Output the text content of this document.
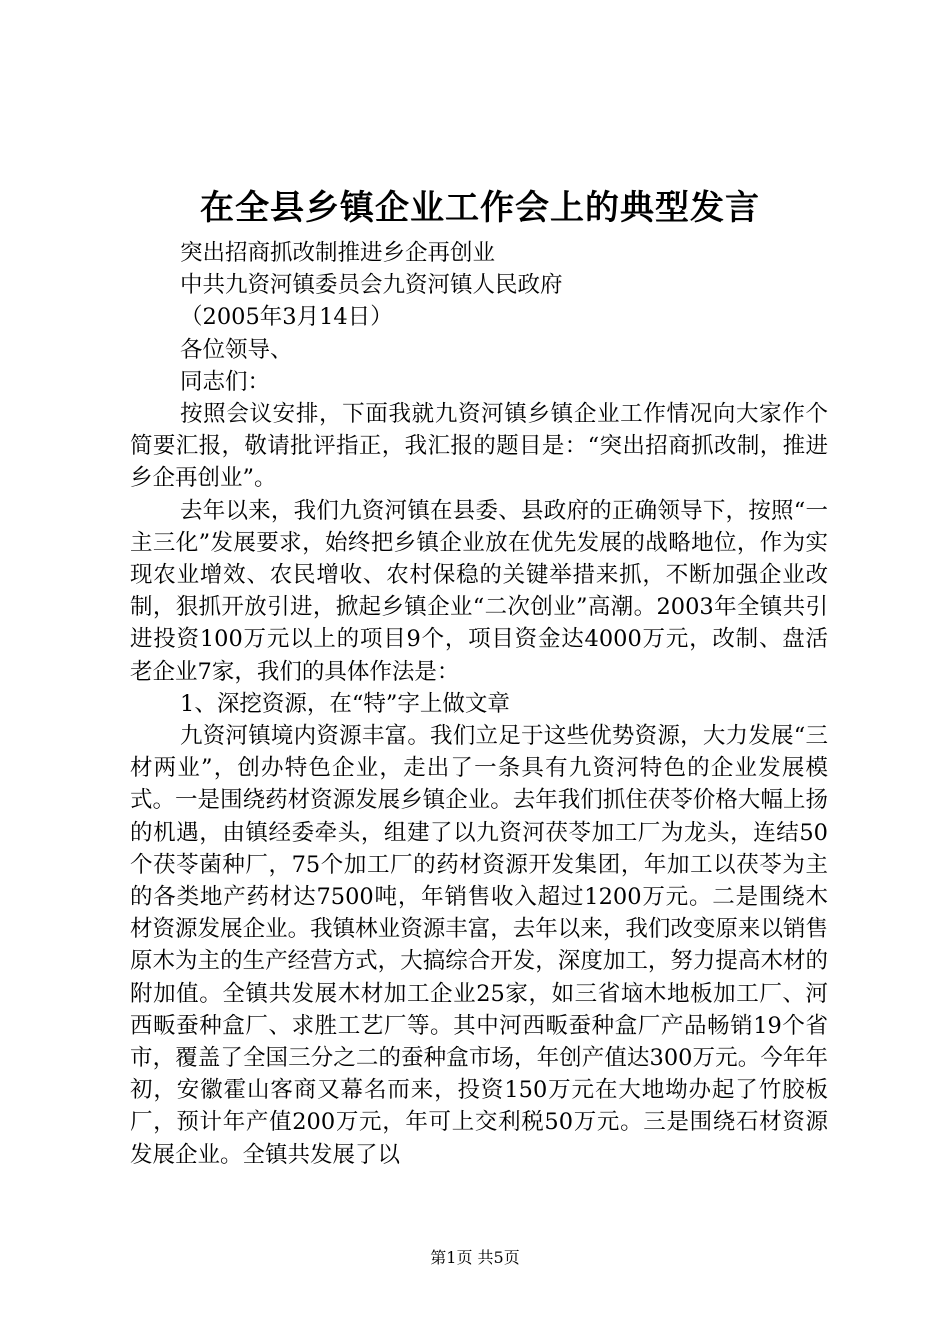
在全县乡镇企业工作会上的典型发言

突出招商抓改制推进乡企再创业

中共九资河镇委员会九资河镇人民政府

（2005年3月14日）

各位领导、

同志们：

按照会议安排，下面我就九资河镇乡镇企业工作情况向大家作个简要汇报，敬请批评指正，我汇报的题目是：“突出招商抓改制，推进乡企再创业”。

去年以来，我们九资河镇在县委、县政府的正确领导下，按照“一主三化”发展要求，始终把乡镇企业放在优先发展的战略地位，作为实现农业增效、农民增收、农村保稳的关键举措来抓，不断加强企业改制，狠抓开放引进，掀起乡镇企业“二次创业”高潮。2003年全镇共引进投资100万元以上的项目9个，项目资金达4000万元，改制、盘活老企业7家，我们的具体作法是：

1、深挖资源，在“特”字上做文章

九资河镇境内资源丰富。我们立足于这些优势资源，大力发展“三材两业”，创办特色企业，走出了一条具有九资河特色的企业发展模式。一是围绕药材资源发展乡镇企业。去年我们抓住茯苓价格大幅上扬的机遇，由镇经委牵头，组建了以九资河茯苓加工厂为龙头，连结50个茯苓菌种厂，75个加工厂的药材资源开发集团，年加工以茯苓为主的各类地产药材达7500吨，年销售收入超过1200万元。二是围绕木材资源发展企业。我镇林业资源丰富，去年以来，我们改变原来以销售原木为主的生产经营方式，大搞综合开发，深度加工，努力提高木材的附加值。全镇共发展木材加工企业25家，如三省垴木地板加工厂、河西畈蚕种盒厂、求胜工艺厂等。其中河西畈蚕种盒厂产品畅销19个省市，覆盖了全国三分之二的蚕种盒市场，年创产值达300万元。今年年初，安徽霍山客商又幕名而来，投资150万元在大地坳办起了竹胶板厂，预计年产值200万元，年可上交利税50万元。三是围绕石材资源发展企业。全镇共发展了以

第1页 共5页
